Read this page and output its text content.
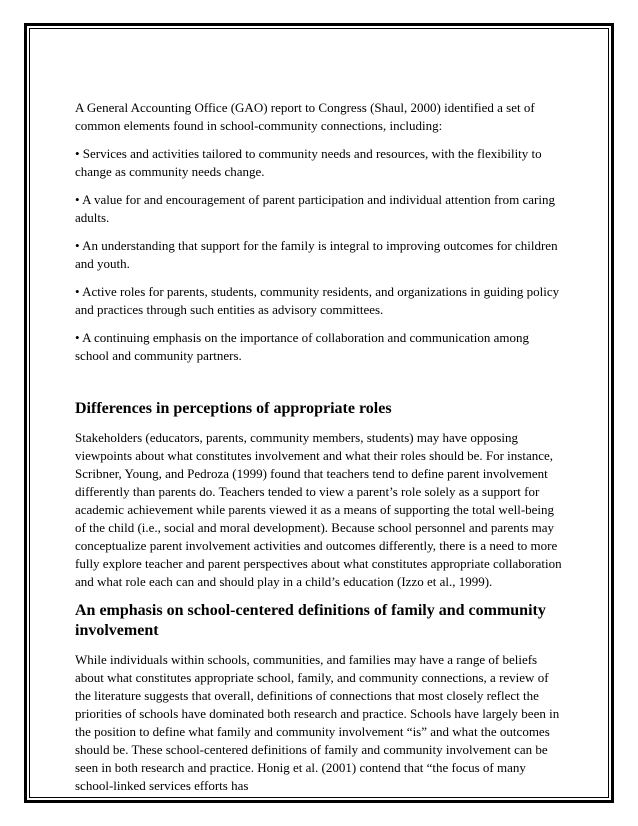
A General Accounting Office (GAO) report to Congress (Shaul, 2000) identified a set of common elements found in school-community connections, including:

• Services and activities tailored to community needs and resources, with the flexibility to change as community needs change.

• A value for and encouragement of parent participation and individual attention from caring adults.

• An understanding that support for the family is integral to improving outcomes for children and youth.

• Active roles for parents, students, community residents, and organizations in guiding policy and practices through such entities as advisory committees.

• A continuing emphasis on the importance of collaboration and communication among school and community partners.

Differences in perceptions of appropriate roles

Stakeholders (educators, parents, community members, students) may have opposing viewpoints about what constitutes involvement and what their roles should be. For instance, Scribner, Young, and Pedroza (1999) found that teachers tend to define parent involvement differently than parents do. Teachers tended to view a parent’s role solely as a support for academic achievement while parents viewed it as a means of supporting the total well-being of the child (i.e., social and moral development). Because school personnel and parents may conceptualize parent involvement activities and outcomes differently, there is a need to more fully explore teacher and parent perspectives about what constitutes appropriate collaboration and what role each can and should play in a child’s education (Izzo et al., 1999).

An emphasis on school-centered definitions of family and community involvement

While individuals within schools, communities, and families may have a range of beliefs about what constitutes appropriate school, family, and community connections, a review of the literature suggests that overall, definitions of connections that most closely reflect the priorities of schools have dominated both research and practice. Schools have largely been in the position to define what family and community involvement “is” and what the outcomes should be. These school-centered definitions of family and community involvement can be seen in both research and practice. Honig et al. (2001) contend that “the focus of many school-linked services efforts has
